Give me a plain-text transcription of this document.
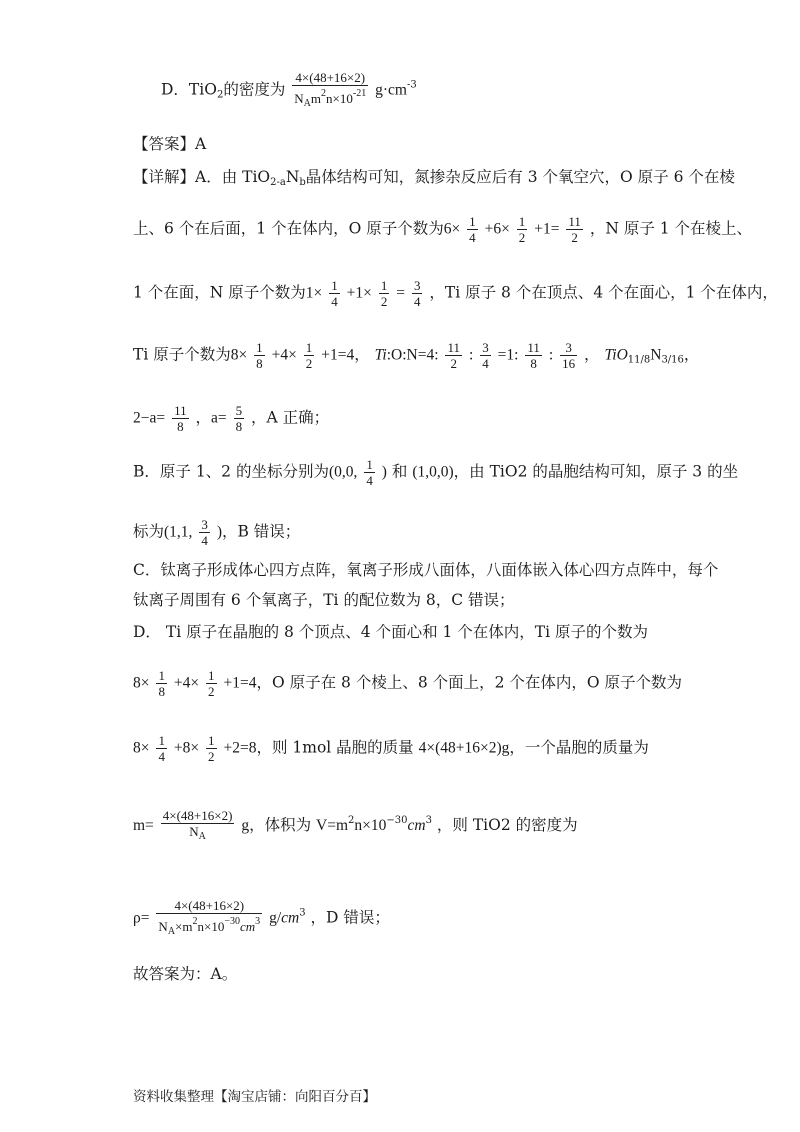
D．TiO$_2$的密度为 $\frac{4\times(48+16\times 2)}{N_Am^2n\times 10^{-21}} g\cdot cm^{-3}$
【答案】A
【详解】A．由 $TiO_{2-a}N_b$晶体结构可知，氮掺杂反应后有 3 个氧空穴，O 原子 6 个在棱
上、6 个在后面，1 个在体内，O 原子个数为$6\times \frac{1}{4} +6\times \frac{1}{2} +1= \frac{11}{2}$ ，N 原子 1 个在棱上、
1 个在面，N 原子个数为$1\times \frac{1}{4} +1\times \frac{1}{2} = \frac{3}{4}$ ，Ti 原子 8 个在顶点、4 个在面心，1 个在体内，
Ti 原子个数为$8\times \frac{1}{8} +4\times \frac{1}{2} +1=4$， Ti:O:N=4: $\frac{11}{2}$ : $\frac{3}{4} =1$: $\frac{11}{8}$ : $\frac{3}{16}$ ， $TiO_{11/8}N_{3/16}$，
$2-a= \frac{11}{8}$ ，$a= \frac{5}{8}$ ，A 正确；
B．原子 1、2 的坐标分别为(0,0, $\frac{1}{4}$ ) 和 (1,0,0)，由 TiO2 的晶胞结构可知，原子 3 的坐
标为(1,1, $\frac{3}{4}$ )，B 错误；
C．钛离子形成体心四方点阵，氧离子形成八面体，八面体嵌入体心四方点阵中，每个
钛离子周围有 6 个氧离子，Ti 的配位数为 8，C 错误；
D． Ti 原子在晶胞的 8 个顶点、4 个面心和 1 个在体内，Ti 原子的个数为
$8\times \frac{1}{8} +4\times \frac{1}{2} +1=4$，O 原子在 8 个棱上、8 个面上，2 个在体内，O 原子个数为
$8\times \frac{1}{4} +8\times \frac{1}{2} +2=8$，则 1mol 晶胞的质量 4×(48+16×2)g，一个晶胞的质量为
$m= \frac{4\times(48+16\times 2)}{N_A}$ g，体积为 $V=m^2n\times 10^{-30}cm^3$ ，则 TiO2 的密度为
$\rho= \frac{4\times(48+16\times 2)}{N_A\times m^2n\times 10^{-30}cm^3} g/cm^3$ ，D 错误；
故答案为：A。
资料收集整理【淘宝店铺：向阳百分百】
